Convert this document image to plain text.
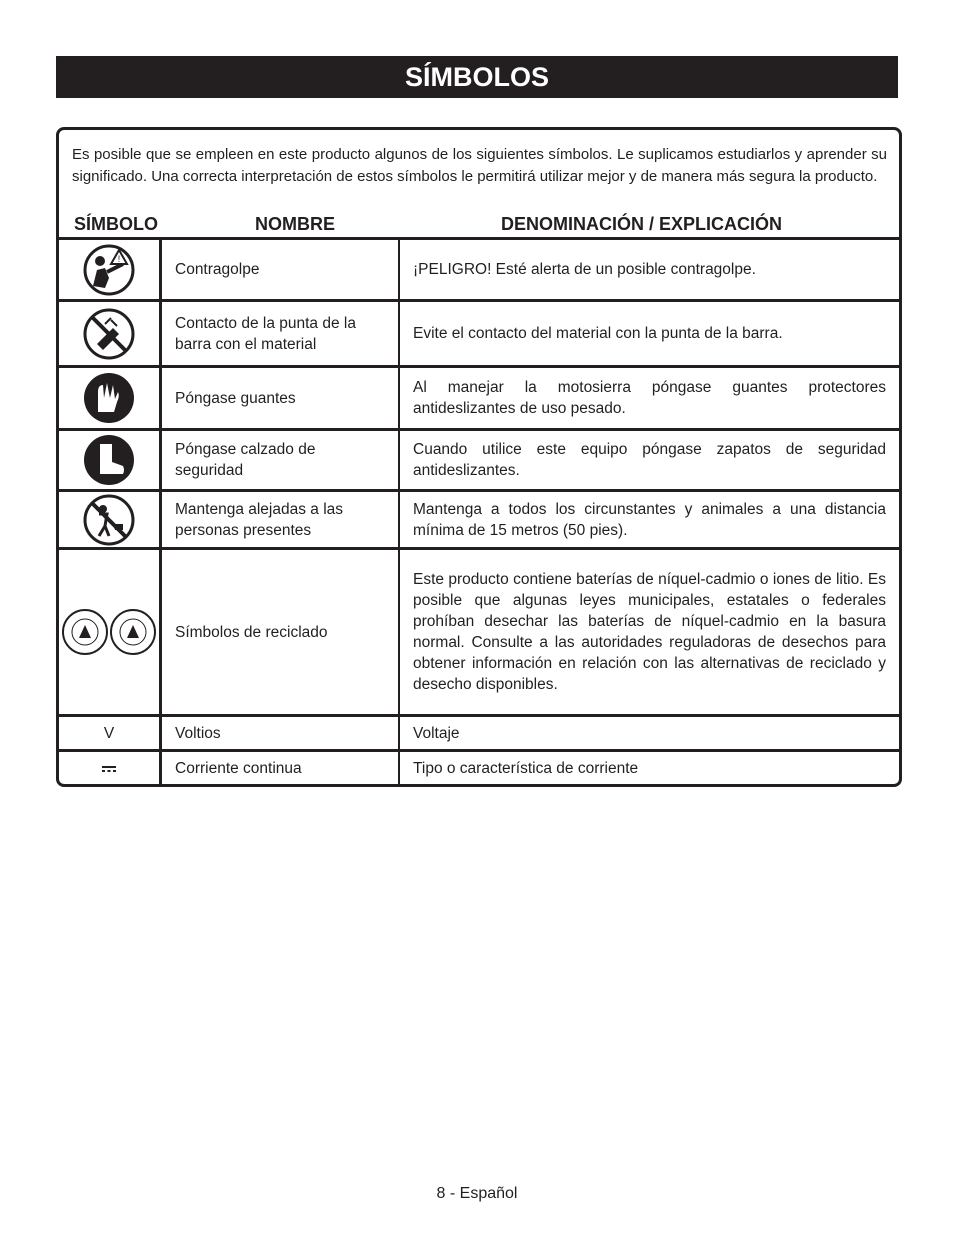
SÍMBOLOS
Es posible que se empleen en este producto algunos de los siguientes símbolos. Le suplicamos estudiarlos y aprender su significado. Una correcta interpretación de estos símbolos le permitirá utilizar mejor y de manera más segura la producto.
SÍMBOLO	NOMBRE	DENOMINACIÓN / EXPLICACIÓN
!	Contragolpe	¡PELIGRO! Esté alerta de un posible contragolpe.
	Contacto de la punta de la barra con el material	Evite el contacto del material con la punta de la barra.
	Póngase guantes	Al manejar la motosierra póngase guantes protectores antideslizantes de uso pesado.
	Póngase calzado de seguridad	Cuando utilice este equipo póngase zapatos de seguridad antideslizantes.
	Mantenga alejadas a las personas presentes	Mantenga a todos los circunstantes y animales a una distancia mínima de 15 metros (50 pies).
	Símbolos de reciclado	Este producto contiene baterías de níquel-cadmio o iones de litio. Es posible que algunas leyes municipales, estatales o federales prohíban desechar las baterías de níquel-cadmio en la basura normal. Consulte a las autoridades reguladoras de desechos para obtener información en relación con las alternativas de reciclado y desecho disponibles.
V	Voltios	Voltaje
	Corriente continua	Tipo o característica de corriente
8 - Español
